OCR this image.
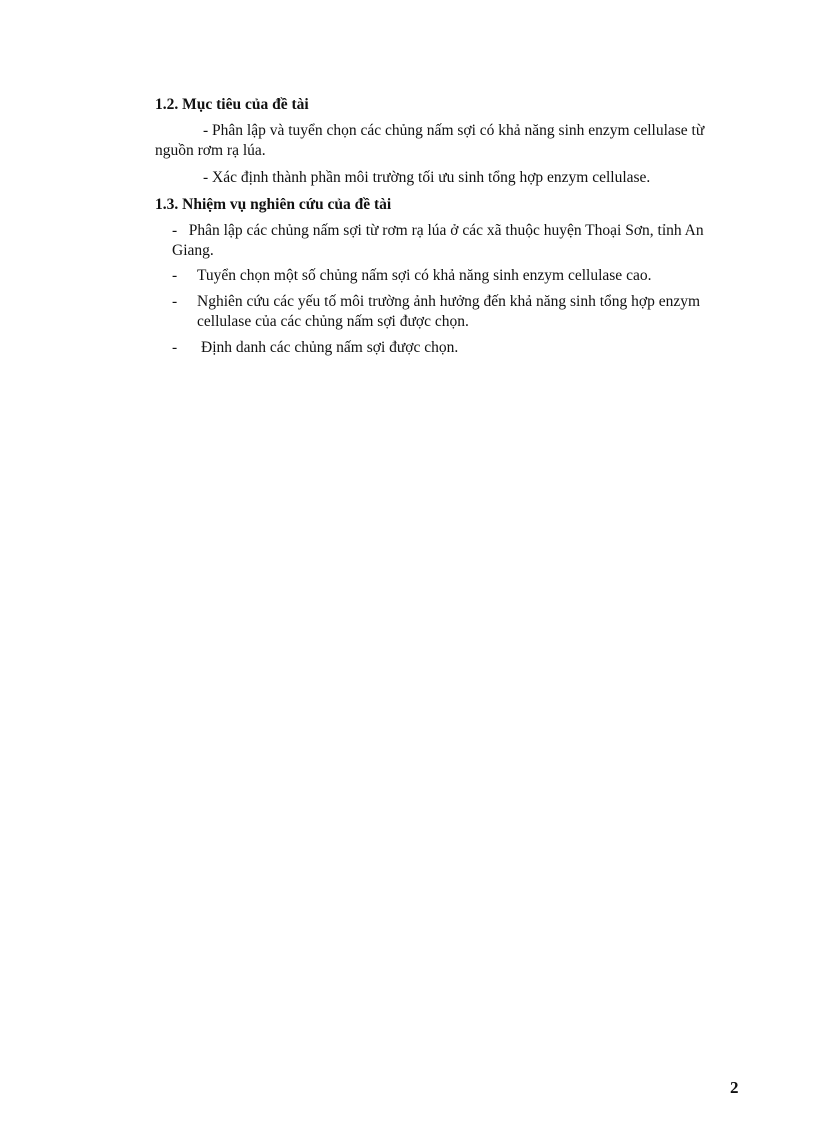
1.2. Mục tiêu của đề tài
- Phân lập và tuyển chọn các chủng nấm sợi có khả năng sinh enzym cellulase từ
nguồn rơm rạ lúa.
- Xác định thành phần môi trường tối ưu sinh tổng hợp enzym cellulase.
1.3. Nhiệm vụ nghiên cứu của đề tài
-   Phân lập các chủng nấm sợi từ rơm rạ lúa ở các xã thuộc huyện Thoại Sơn, tỉnh An
Giang.
- Tuyển chọn một số chủng nấm sợi có khả năng sinh enzym cellulase cao.
- Nghiên cứu các yếu tố môi trường ảnh hưởng đến khả năng sinh tổng hợp enzym
cellulase của các chủng nấm sợi được chọn.
- Định danh các chủng nấm sợi được chọn.
2
